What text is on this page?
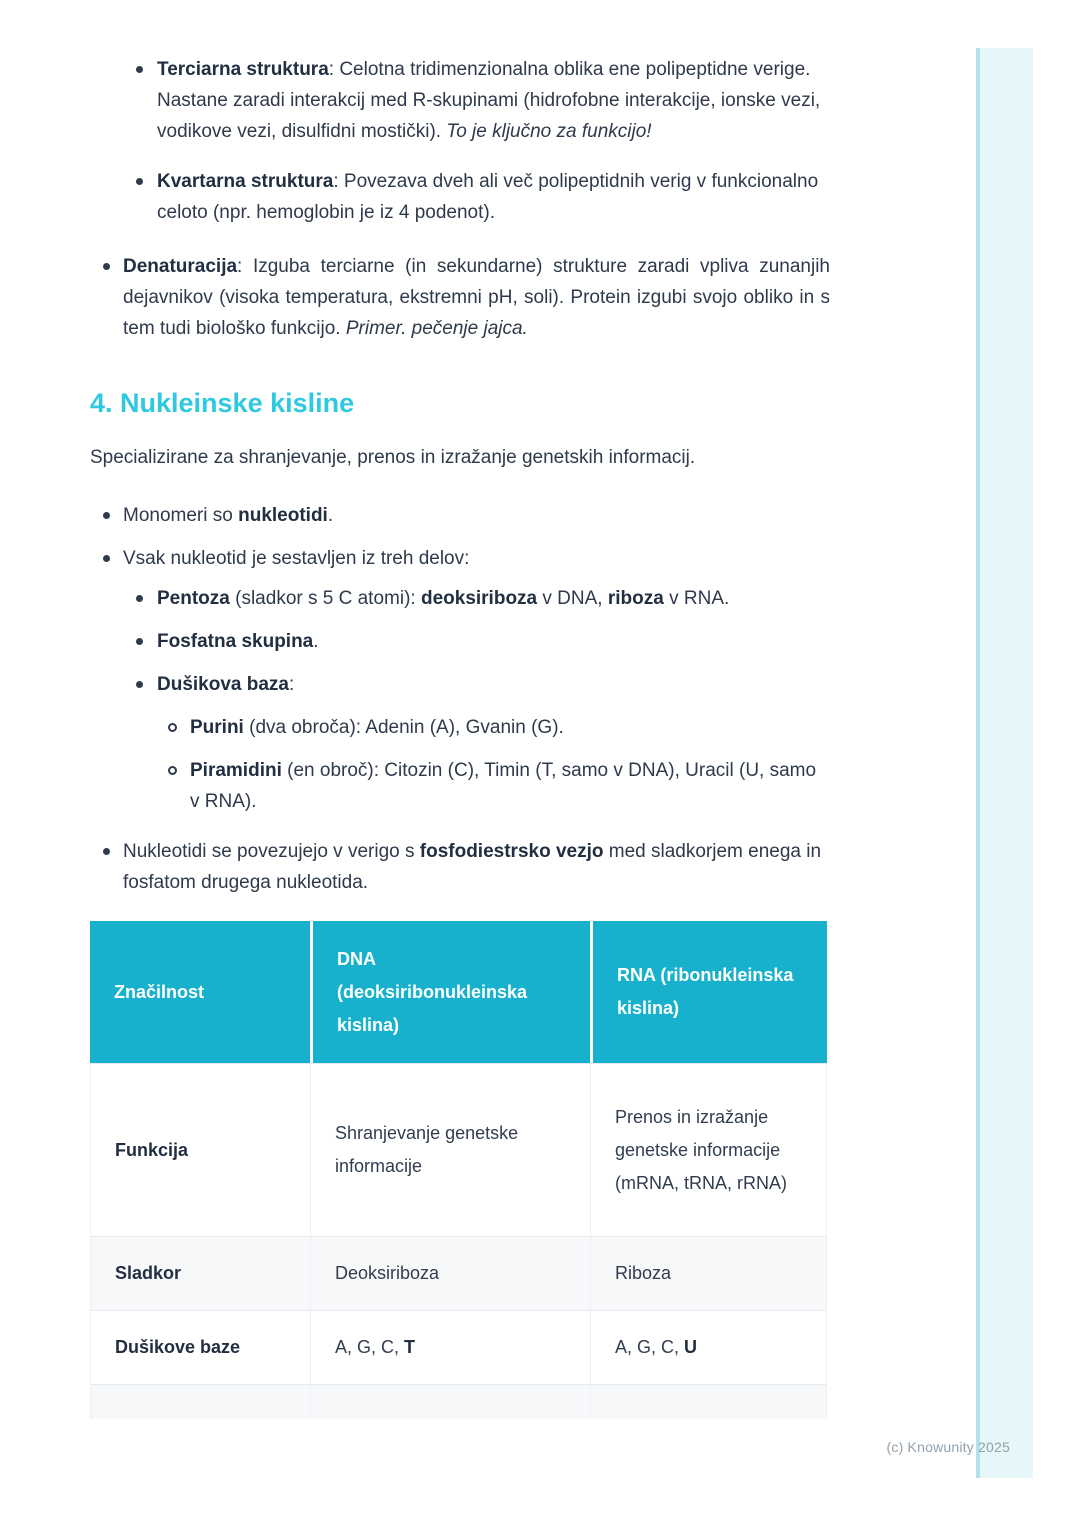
Terciarna struktura: Celotna tridimenzionalna oblika ene polipeptidne verige. Nastane zaradi interakcij med R-skupinami (hidrofobne interakcije, ionske vezi, vodikove vezi, disulfidni mostički). To je ključno za funkcijo!
Kvartarna struktura: Povezava dveh ali več polipeptidnih verig v funkcionalno celoto (npr. hemoglobin je iz 4 podenot).
Denaturacija: Izguba terciarne (in sekundarne) strukture zaradi vpliva zunanjih dejavnikov (visoka temperatura, ekstremni pH, soli). Protein izgubi svojo obliko in s tem tudi biološko funkcijo. Primer. pečenje jajca.
4. Nukleinske kisline

Specializirane za shranjevanje, prenos in izražanje genetskih informacij.

Monomeri so nukleotidi.
Vsak nukleotid je sestavljen iz treh delov:
Pentoza (sladkor s 5 C atomi): deoksiriboza v DNA, riboza v RNA.
Fosfatna skupina.
Dušikova baza:
Purini (dva obroča): Adenin (A), Gvanin (G).
Piramidini (en obroč): Citozin (C), Timin (T, samo v DNA), Uracil (U, samo v RNA).
Nukleotidi se povezujejo v verigo s fosfodiestrsko vezjo med sladkorjem enega in fosfatom drugega nukleotida.
Značilnost	DNA (deoksiribonukleinska kislina)	RNA (ribonukleinska kislina)
Funkcija	Shranjevanje genetske informacije	Prenos in izražanje genetske informacije (mRNA, tRNA, rRNA)
Sladkor	Deoksiriboza	Riboza
Dušikove baze	A, G, C, T	A, G, C, U

(c) Knowunity 2025
